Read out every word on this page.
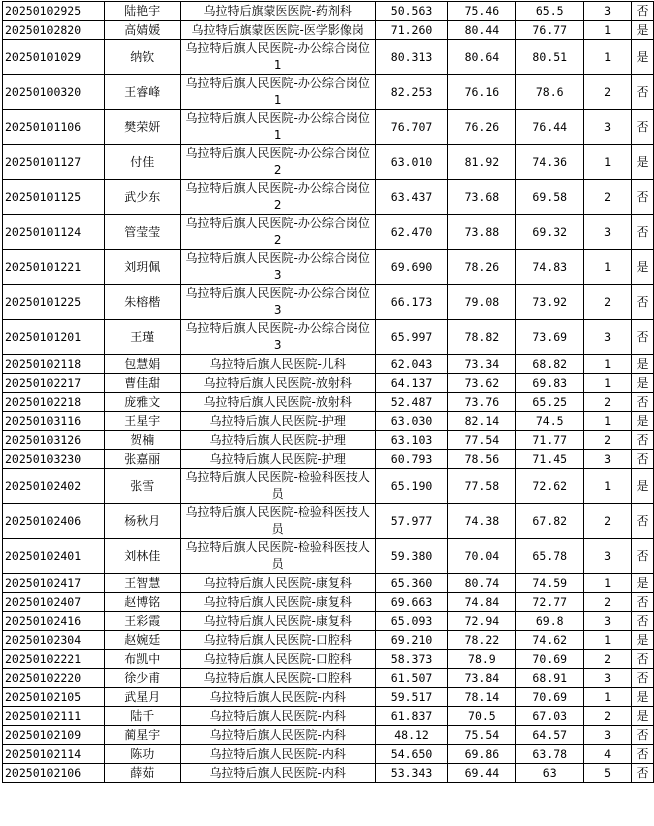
20250102925	陆艳宇	乌拉特后旗蒙医医院-药剂科	50.563	75.46	65.5	3	否
20250102820	高婧媛	乌拉特后旗蒙医医院-医学影像岗	71.260	80.44	76.77	1	是
20250101029	纳钦	乌拉特后旗人民医院-办公综合岗位1	80.313	80.64	80.51	1	是
20250100320	王睿峰	乌拉特后旗人民医院-办公综合岗位1	82.253	76.16	78.6	2	否
20250101106	樊荣妍	乌拉特后旗人民医院-办公综合岗位1	76.707	76.26	76.44	3	否
20250101127	付佳	乌拉特后旗人民医院-办公综合岗位2	63.010	81.92	74.36	1	是
20250101125	武少东	乌拉特后旗人民医院-办公综合岗位2	63.437	73.68	69.58	2	否
20250101124	管莹莹	乌拉特后旗人民医院-办公综合岗位2	62.470	73.88	69.32	3	否
20250101221	刘玥佩	乌拉特后旗人民医院-办公综合岗位3	69.690	78.26	74.83	1	是
20250101225	朱榕楷	乌拉特后旗人民医院-办公综合岗位3	66.173	79.08	73.92	2	否
20250101201	王瑾	乌拉特后旗人民医院-办公综合岗位3	65.997	78.82	73.69	3	否
20250102118	包慧娟	乌拉特后旗人民医院-儿科	62.043	73.34	68.82	1	是
20250102217	曹佳甜	乌拉特后旗人民医院-放射科	64.137	73.62	69.83	1	是
20250102218	庞雅文	乌拉特后旗人民医院-放射科	52.487	73.76	65.25	2	否
20250103116	王星宇	乌拉特后旗人民医院-护理	63.030	82.14	74.5	1	是
20250103126	贺楠	乌拉特后旗人民医院-护理	63.103	77.54	71.77	2	否
20250103230	张嘉丽	乌拉特后旗人民医院-护理	60.793	78.56	71.45	3	否
20250102402	张雪	乌拉特后旗人民医院-检验科医技人员	65.190	77.58	72.62	1	是
20250102406	杨秋月	乌拉特后旗人民医院-检验科医技人员	57.977	74.38	67.82	2	否
20250102401	刘林佳	乌拉特后旗人民医院-检验科医技人员	59.380	70.04	65.78	3	否
20250102417	王智慧	乌拉特后旗人民医院-康复科	65.360	80.74	74.59	1	是
20250102407	赵博铭	乌拉特后旗人民医院-康复科	69.663	74.84	72.77	2	否
20250102416	王彩霞	乌拉特后旗人民医院-康复科	65.093	72.94	69.8	3	否
20250102304	赵婉廷	乌拉特后旗人民医院-口腔科	69.210	78.22	74.62	1	是
20250102221	布凯中	乌拉特后旗人民医院-口腔科	58.373	78.9	70.69	2	否
20250102220	徐少甫	乌拉特后旗人民医院-口腔科	61.507	73.84	68.91	3	否
20250102105	武星月	乌拉特后旗人民医院-内科	59.517	78.14	70.69	1	是
20250102111	陆千	乌拉特后旗人民医院-内科	61.837	70.5	67.03	2	是
20250102109	蔺星宇	乌拉特后旗人民医院-内科	48.12	75.54	64.57	3	否
20250102114	陈功	乌拉特后旗人民医院-内科	54.650	69.86	63.78	4	否
20250102106	薛茹	乌拉特后旗人民医院-内科	53.343	69.44	63	5	否
